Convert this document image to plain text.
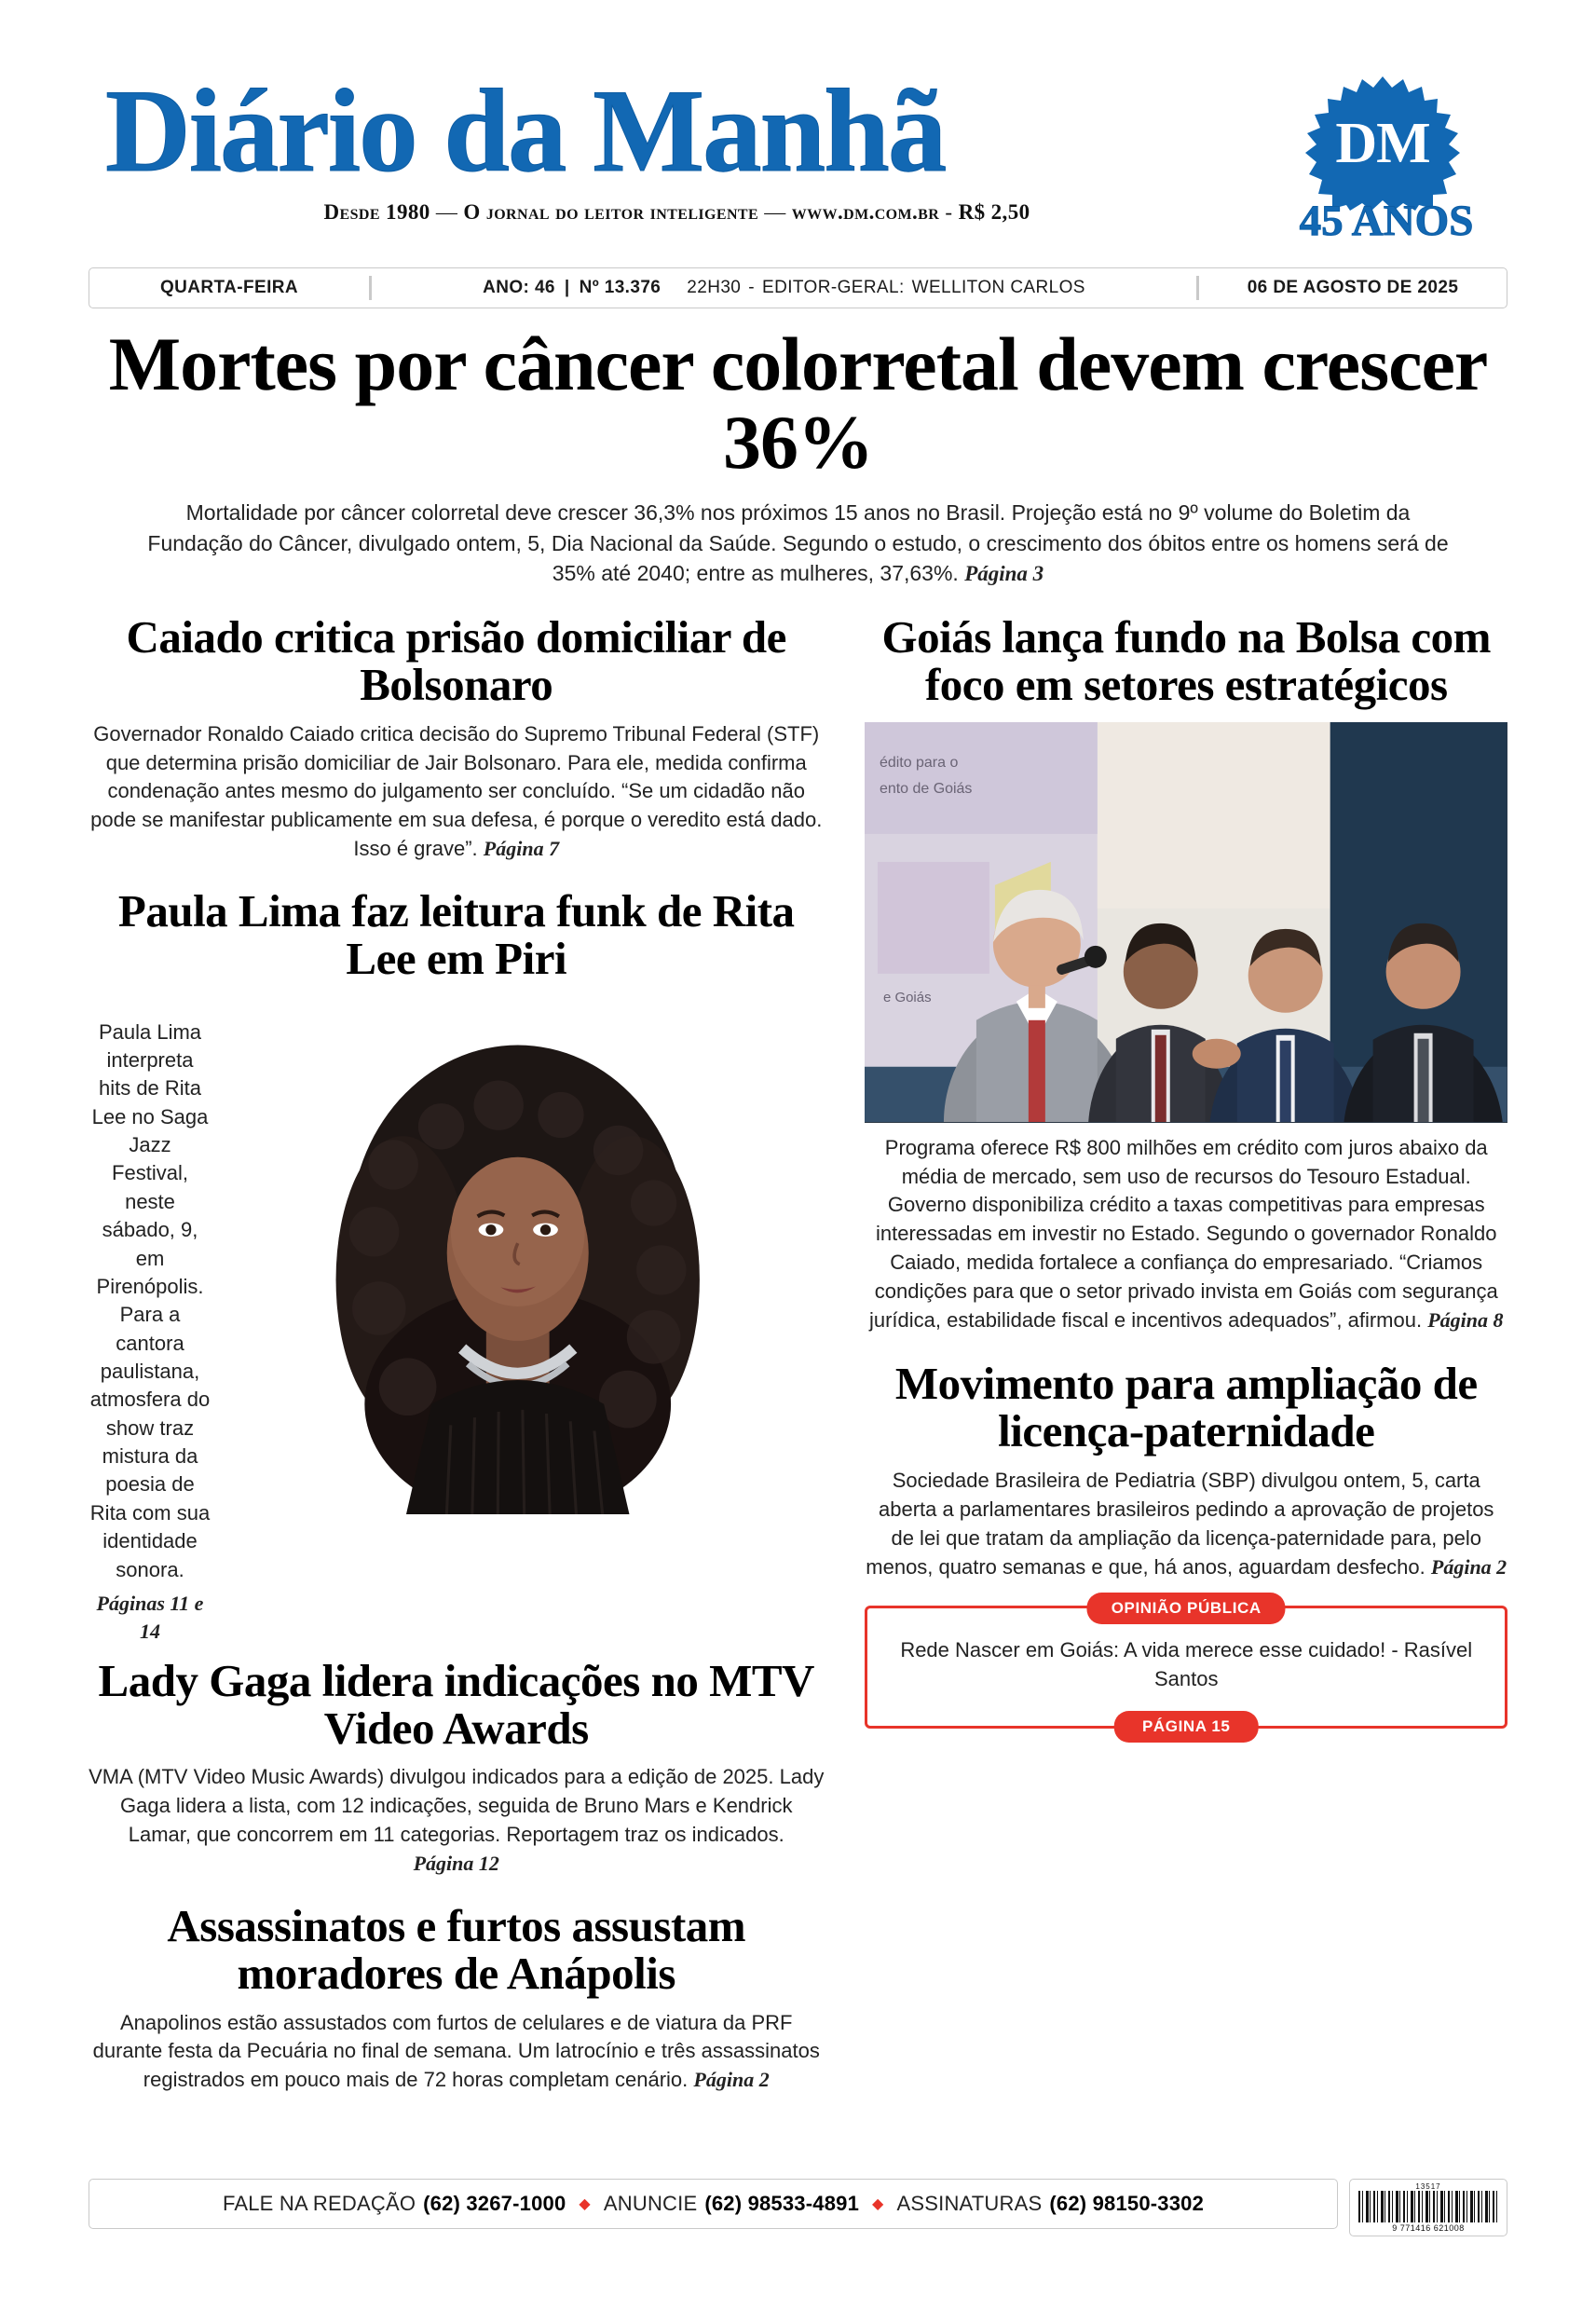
Diário da Manhã
Desde 1980 — O jornal do leitor inteligente — www.dm.com.br - R$ 2,50
DM
45 ANOS
QUARTA-FEIRA	ANO: 46 | Nº 13.376 22H30 - EDITOR-GERAL: WELLITON CARLOS	06 DE AGOSTO DE 2025
Mortes por câncer colorretal devem crescer 36%
Mortalidade por câncer colorretal deve crescer 36,3% nos próximos 15 anos no Brasil. Projeção está no 9º volume do Boletim da Fundação do Câncer, divulgado ontem, 5, Dia Nacional da Saúde. Segundo o estudo, o crescimento dos óbitos entre os homens será de 35% até 2040; entre as mulheres, 37,63%. Página 3
Caiado critica prisão domiciliar de Bolsonaro
Governador Ronaldo Caiado critica decisão do Supremo Tribunal Federal (STF) que determina prisão domiciliar de Jair Bolsonaro. Para ele, medida confirma condenação antes mesmo do julgamento ser concluído. “Se um cidadão não pode se manifestar publicamente em sua defesa, é porque o veredito está dado. Isso é grave”. Página 7
Paula Lima faz leitura funk de Rita Lee em Piri
Paula Lima interpreta hits de Rita Lee no Saga Jazz Festival, neste sábado, 9, em Pirenópolis. Para a cantora paulistana, atmosfera do show traz mistura da poesia de Rita com sua identidade sonora.
Páginas 11 e 14
Lady Gaga lidera indicações no MTV Video Awards
VMA (MTV Video Music Awards) divulgou indicados para a edição de 2025. Lady Gaga lidera a lista, com 12 indicações, seguida de Bruno Mars e Kendrick Lamar, que concorrem em 11 categorias. Reportagem traz os indicados.
Página 12
Assassinatos e furtos assustam moradores de Anápolis
Anapolinos estão assustados com furtos de celulares e de viatura da PRF durante festa da Pecuária no final de semana. Um latrocínio e três assassinatos registrados em pouco mais de 72 horas completam cenário. Página 2
Goiás lança fundo na Bolsa com foco em setores estratégicos
édito para o
ento de Goiás
e Goiás
Programa oferece R$ 800 milhões em crédito com juros abaixo da média de mercado, sem uso de recursos do Tesouro Estadual. Governo disponibiliza crédito a taxas competitivas para empresas interessadas em investir no Estado. Segundo o governador Ronaldo Caiado, medida fortalece a confiança do empresariado. “Criamos condições para que o setor privado invista em Goiás com segurança jurídica, estabilidade fiscal e incentivos adequados”, afirmou. Página 8
Movimento para ampliação de licença-paternidade
Sociedade Brasileira de Pediatria (SBP) divulgou ontem, 5, carta aberta a parlamentares brasileiros pedindo a aprovação de projetos de lei que tratam da ampliação da licença-paternidade para, pelo menos, quatro semanas e que, há anos, aguardam desfecho. Página 2
OPINIÃO PÚBLICA
Rede Nascer em Goiás: A vida merece esse cuidado! - Rasível Santos
PÁGINA 15
FALE NA REDAÇÃO (62) 3267-1000 ◆ ANUNCIE (62) 98533-4891 ◆ ASSINATURAS (62) 98150-3302
13517
9 771416 621008
